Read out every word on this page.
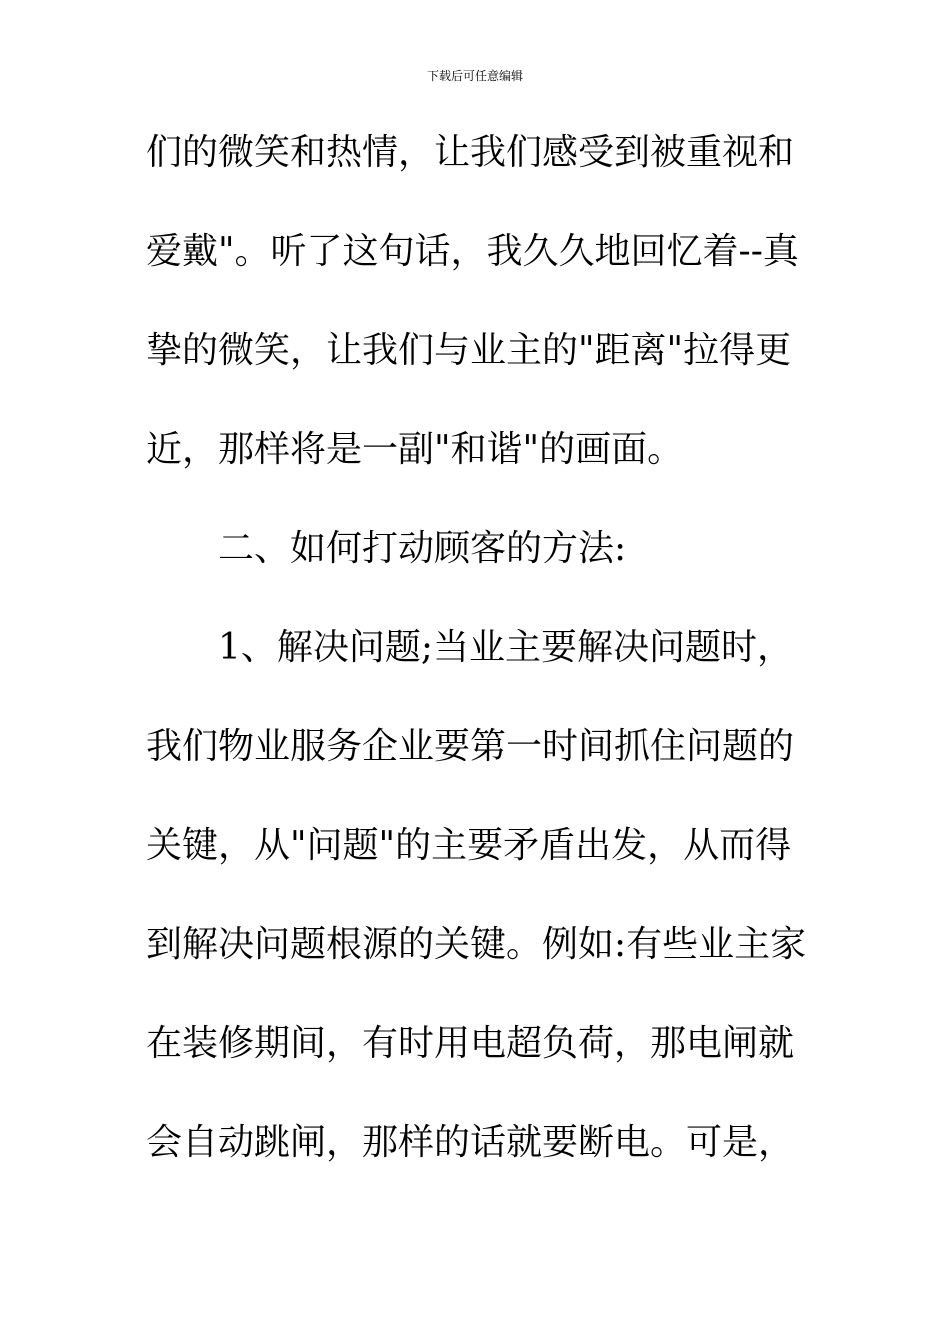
下载后可任意编辑
们的微笑和热情，让我们感受到被重视和
爱戴"。听了这句话，我久久地回忆着--真
挚的微笑，让我们与业主的"距离"拉得更
近，那样将是一副"和谐"的画面。
二、如何打动顾客的方法:
1、解决问题;当业主要解决问题时，
我们物业服务企业要第一时间抓住问题的
关键，从"问题"的主要矛盾出发，从而得
到解决问题根源的关键。例如:有些业主家
在装修期间，有时用电超负荷，那电闸就
会自动跳闸，那样的话就要断电。可是，
